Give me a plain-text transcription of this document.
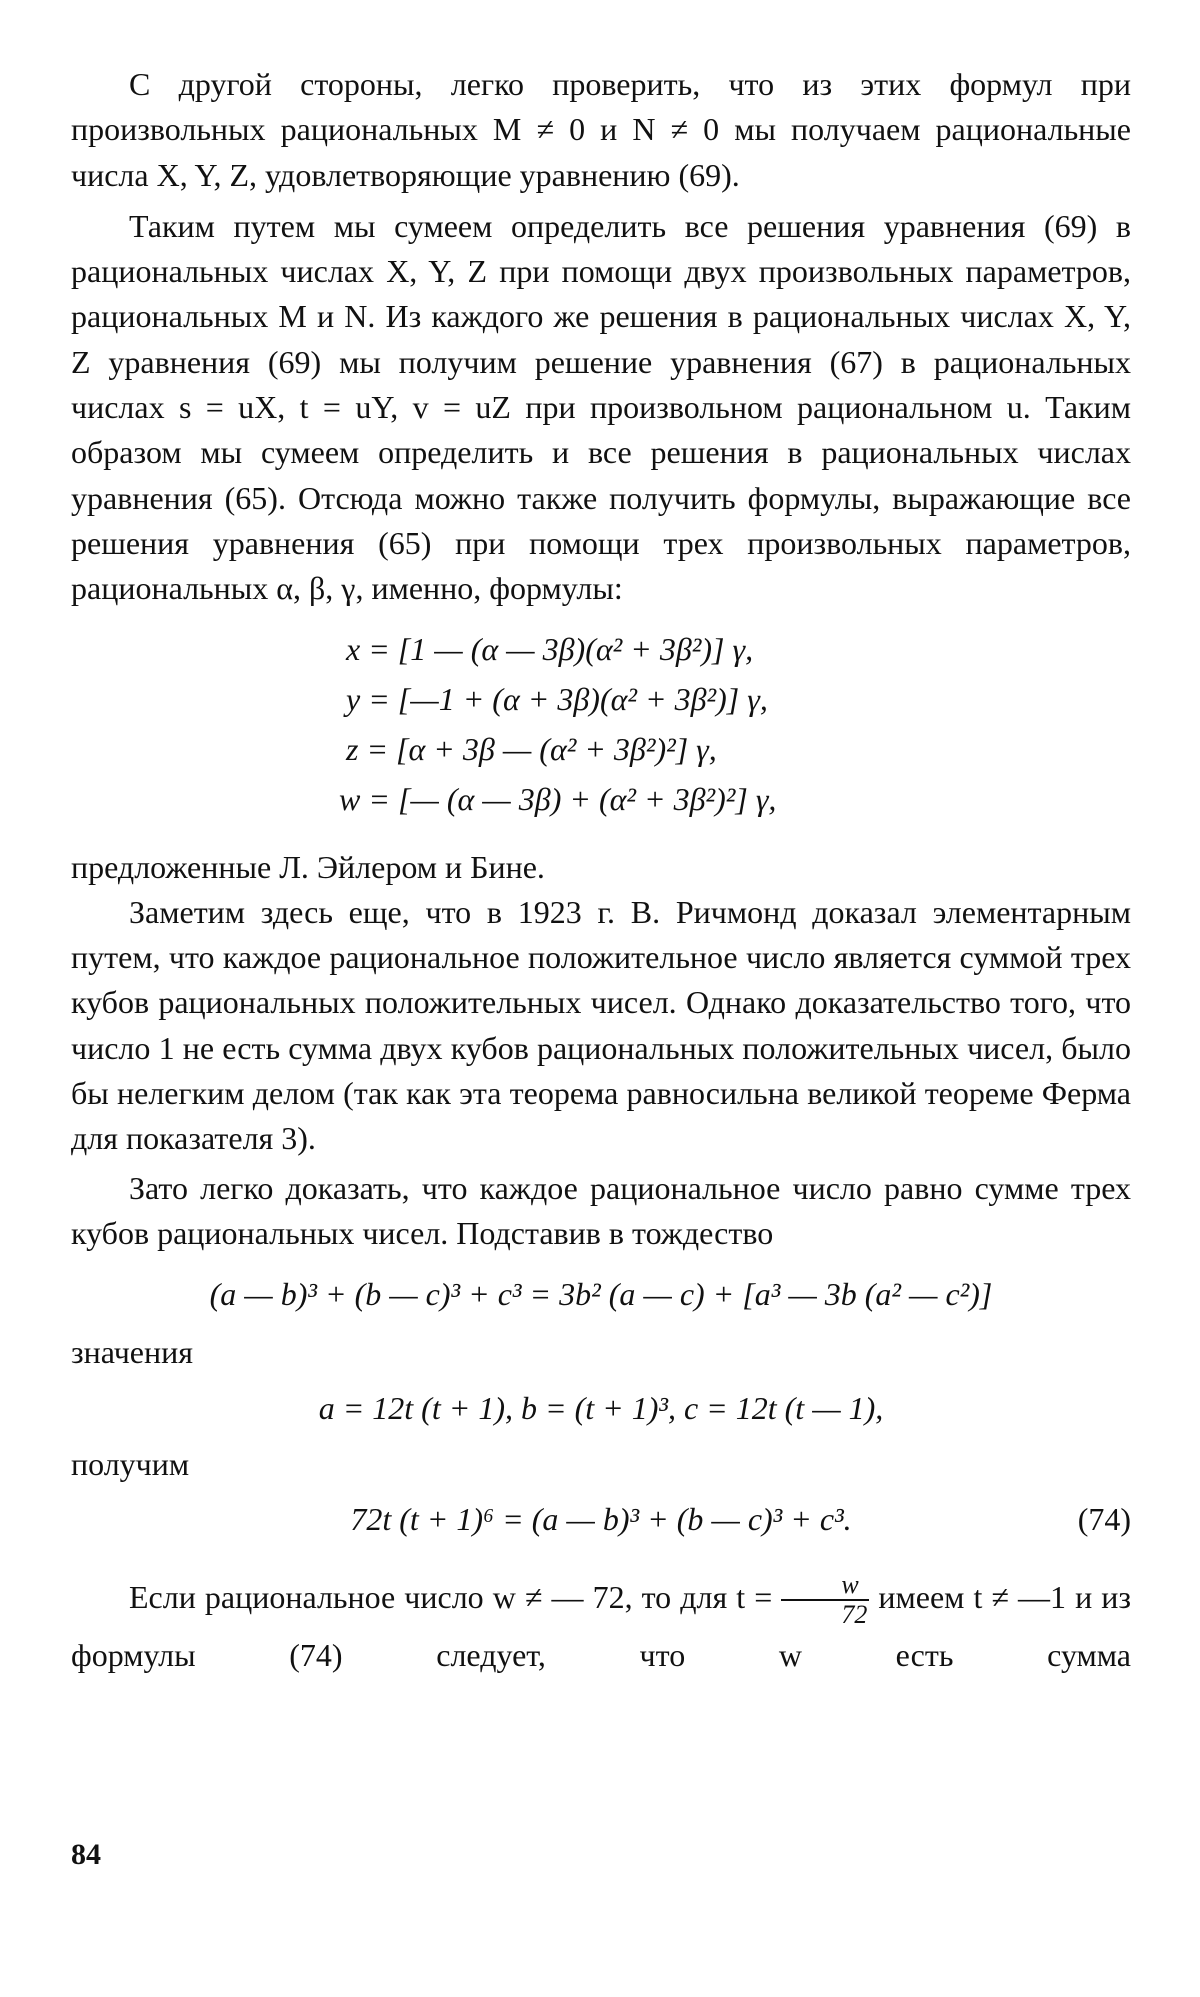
С другой стороны, легко проверить, что из этих формул при произвольных рациональных M ≠ 0 и N ≠ 0 мы получаем рациональные числа X, Y, Z, удовлетворяющие уравнению (69).

Таким путем мы сумеем определить все решения уравнения (69) в рациональных числах X, Y, Z при помощи двух произвольных параметров, рациональных M и N. Из каждого же решения в рациональных числах X, Y, Z уравнения (69) мы получим решение уравнения (67) в рациональных числах s = uX, t = uY, v = uZ при произвольном рациональном u. Таким образом мы сумеем определить и все решения в рациональных числах уравнения (65). Отсюда можно также получить формулы, выражающие все решения уравнения (65) при помощи трех произвольных параметров, рациональных α, β, γ, именно, формулы:

x = [1 — (α — 3β)(α² + 3β²)] γ,
y = [—1 + (α + 3β)(α² + 3β²)] γ,
z = [α + 3β — (α² + 3β²)²] γ,
w = [— (α — 3β) + (α² + 3β²)²] γ,

предложенные Л. Эйлером и Бине.

Заметим здесь еще, что в 1923 г. В. Ричмонд доказал элементарным путем, что каждое рациональное положительное число является суммой трех кубов рациональных положительных чисел. Однако доказательство того, что число 1 не есть сумма двух кубов рациональных положительных чисел, было бы нелегким делом (так как эта теорема равносильна великой теореме Ферма для показателя 3).

Зато легко доказать, что каждое рациональное число равно сумме трех кубов рациональных чисел. Подставив в тождество

(a — b)³ + (b — c)³ + c³ = 3b² (a — c) + [a³ — 3b (a² — c²)]

значения

a = 12t (t + 1), b = (t + 1)³, c = 12t (t — 1),

получим

72t (t + 1)⁶ = (a — b)³ + (b — c)³ + c³.	(74)

Если рациональное число w ≠ — 72, то для $t = \frac{w}{72}$ имеем t ≠ —1 и из формулы (74) следует, что w есть сумма

84
